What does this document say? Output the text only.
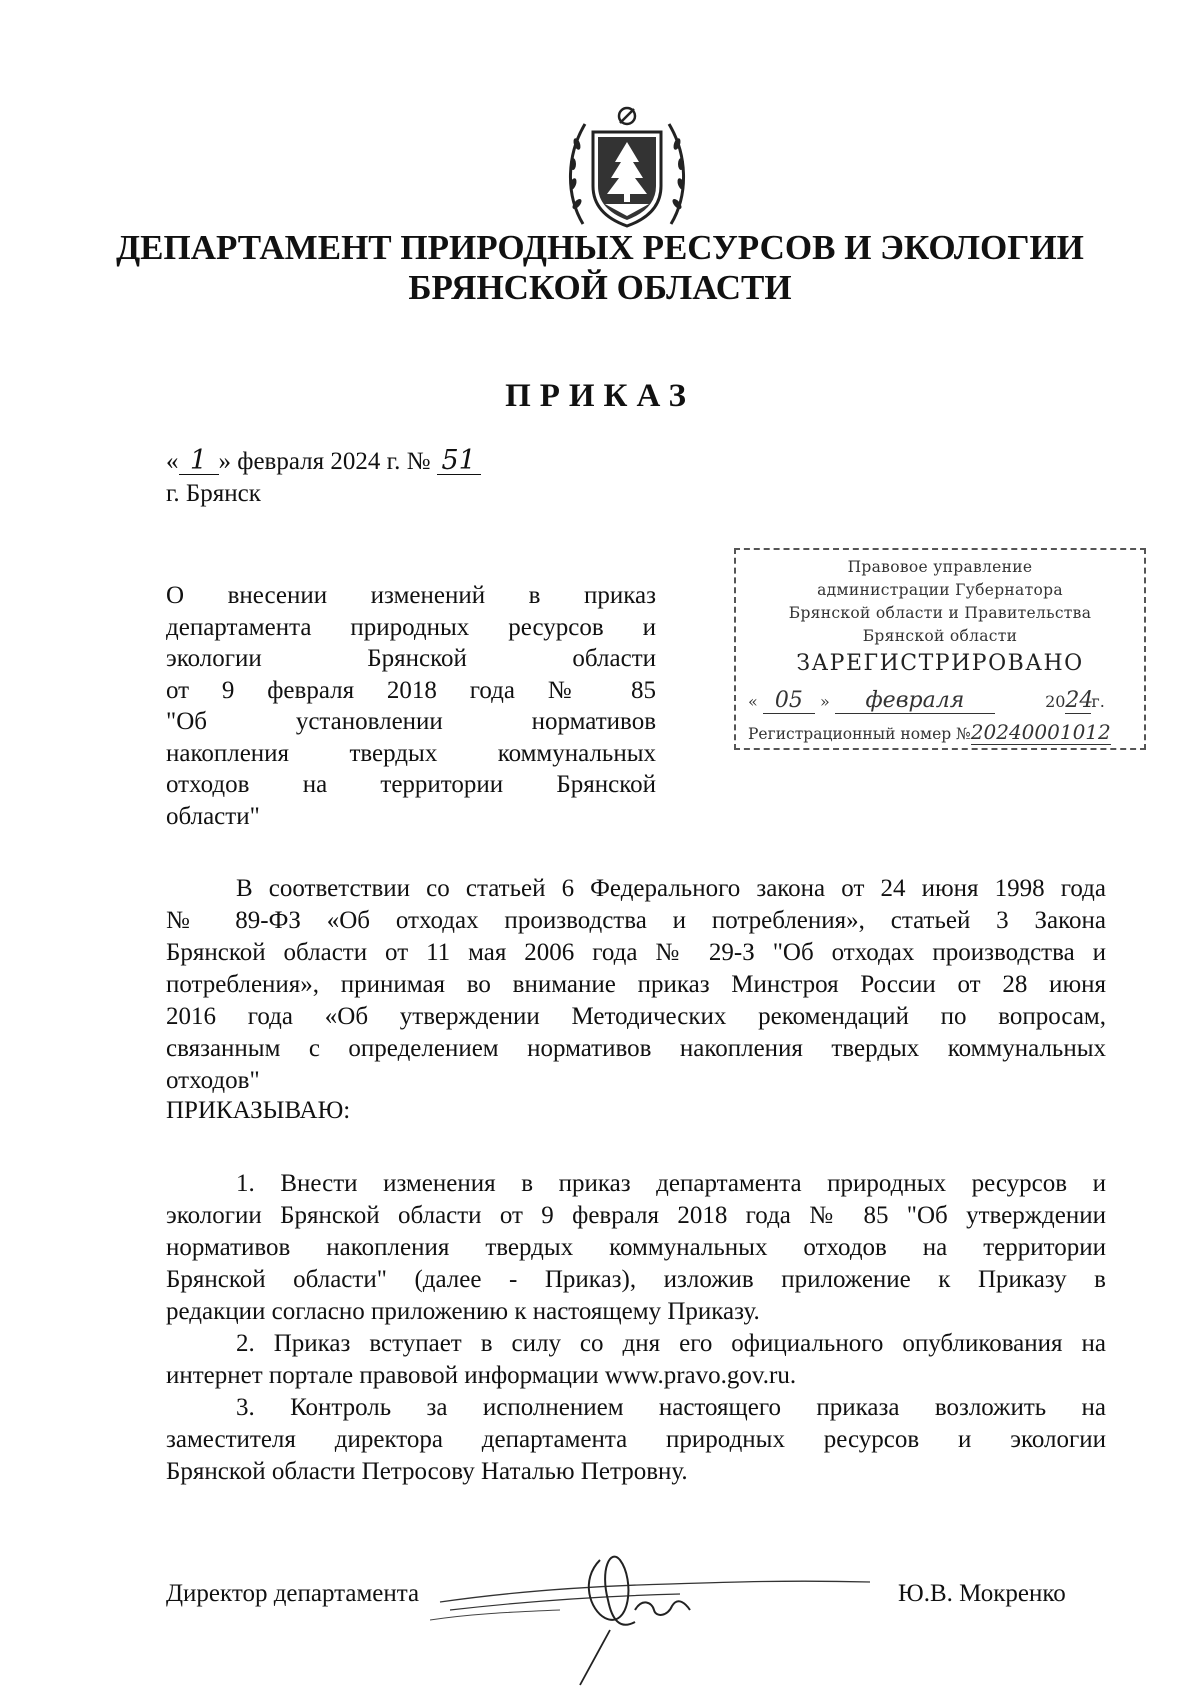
ДЕПАРТАМЕНТ ПРИРОДНЫХ РЕСУРСОВ И ЭКОЛОГИИ
БРЯНСКОЙ ОБЛАСТИ
ПРИКАЗ
« 1 » февраля 2024 г. № 51
г. Брянск
О внесении изменений в приказ
департамента природных ресурсов и
экологии Брянской области
от 9 февраля 2018 года № 85
"Об установлении нормативов
накопления твердых коммунальных
отходов на территории Брянской
области"
Правовое управление
администрации Губернатора
Брянской области и Правительства
Брянской области
ЗАРЕГИСТРИРОВАНО
« 05 » февраля	2024г.
Регистрационный номер №20240001012
В соответствии со статьей 6 Федерального закона от 24 июня 1998 года
№ 89-ФЗ «Об отходах производства и потребления», статьей 3 Закона
Брянской области от 11 мая 2006 года № 29-З "Об отходах производства и
потребления», принимая во внимание приказ Минстроя России от 28 июня
2016 года «Об утверждении Методических рекомендаций по вопросам,
связанным с определением нормативов накопления твердых коммунальных
отходов"
ПРИКАЗЫВАЮ:
1. Внести изменения в приказ департамента природных ресурсов и
экологии Брянской области от 9 февраля 2018 года № 85 "Об утверждении
нормативов накопления твердых коммунальных отходов на территории
Брянской области" (далее - Приказ), изложив приложение к Приказу в
редакции согласно приложению к настоящему Приказу.
2. Приказ вступает в силу со дня его официального опубликования на
интернет портале правовой информации www.pravo.gov.ru.
3. Контроль за исполнением настоящего приказа возложить на
заместителя директора департамента природных ресурсов и экологии
Брянской области Петросову Наталью Петровну.
Директор департамента	Ю.В. Мокренко
